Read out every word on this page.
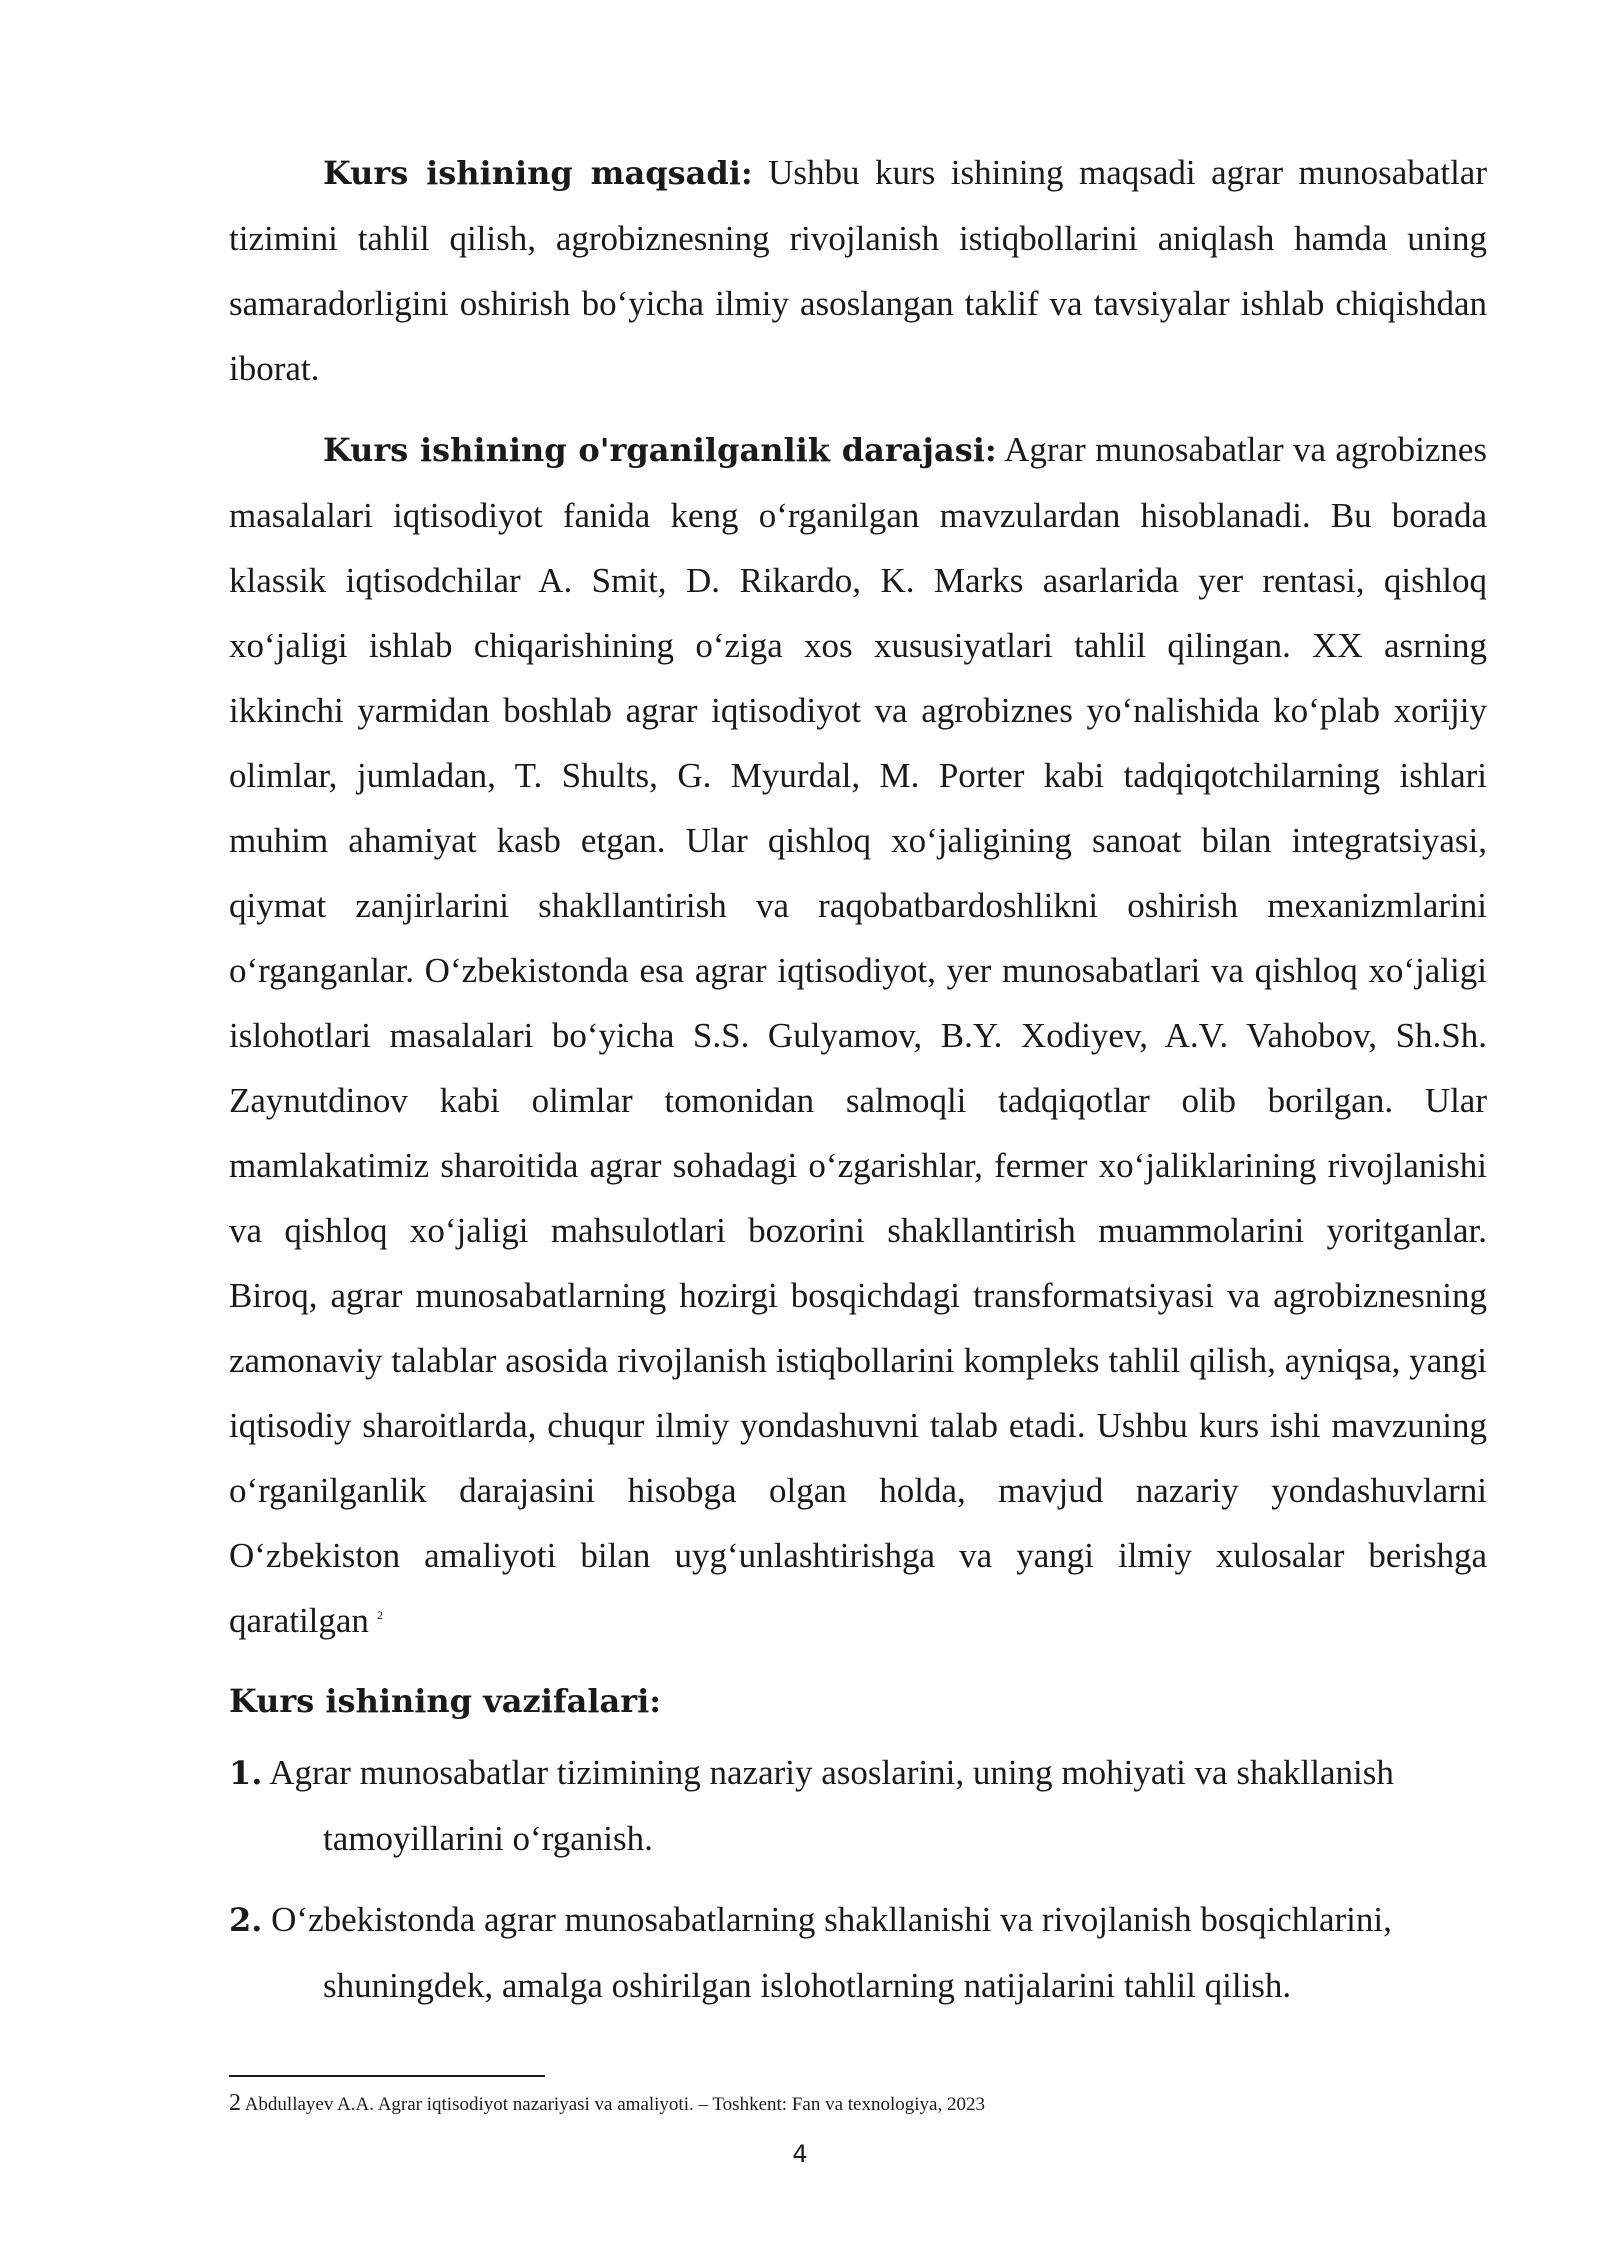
Kurs ishining maqsadi: Ushbu kurs ishining maqsadi agrar munosabatlar tizimini tahlil qilish, agrobiznesning rivojlanish istiqbollarini aniqlash hamda uning samaradorligini oshirish bo‘yicha ilmiy asoslangan taklif va tavsiyalar ishlab chiqishdan iborat.

Kurs ishining o'rganilganlik darajasi: Agrar munosabatlar va agrobiznes masalalari iqtisodiyot fanida keng o‘rganilgan mavzulardan hisoblanadi. Bu borada klassik iqtisodchilar A. Smit, D. Rikardo, K. Marks asarlarida yer rentasi, qishloq xo‘jaligi ishlab chiqarishining o‘ziga xos xususiyatlari tahlil qilingan. XX asrning ikkinchi yarmidan boshlab agrar iqtisodiyot va agrobiznes yo‘nalishida ko‘plab xorijiy olimlar, jumladan, T. Shults, G. Myurdal, M. Porter kabi tadqiqotchilarning ishlari muhim ahamiyat kasb etgan. Ular qishloq xo‘jaligining sanoat bilan integratsiyasi, qiymat zanjirlarini shakllantirish va raqobatbardoshlikni oshirish mexanizmlarini o‘rganganlar. O‘zbekistonda esa agrar iqtisodiyot, yer munosabatlari va qishloq xo‘jaligi islohotlari masalalari bo‘yicha S.S. Gulyamov, B.Y. Xodiyev, A.V. Vahobov, Sh.Sh. Zaynutdinov kabi olimlar tomonidan salmoqli tadqiqotlar olib borilgan. Ular mamlakatimiz sharoitida agrar sohadagi o‘zgarishlar, fermer xo‘jaliklarining rivojlanishi va qishloq xo‘jaligi mahsulotlari bozorini shakllantirish muammolarini yoritganlar. Biroq, agrar munosabatlarning hozirgi bosqichdagi transformatsiyasi va agrobiznesning zamonaviy talablar asosida rivojlanish istiqbollarini kompleks tahlil qilish, ayniqsa, yangi iqtisodiy sharoitlarda, chuqur ilmiy yondashuvni talab etadi. Ushbu kurs ishi mavzuning o‘rganilganlik darajasini hisobga olgan holda, mavjud nazariy yondashuvlarni O‘zbekiston amaliyoti bilan uyg‘unlashtirishga va yangi ilmiy xulosalar berishga qaratilgan $^2$

Kurs ishining vazifalari:
1. Agrar munosabatlar tizimining nazariy asoslarini, uning mohiyati va shakllanish tamoyillarini o‘rganish.
2. O‘zbekistonda agrar munosabatlarning shakllanishi va rivojlanish bosqichlarini, shuningdek, amalga oshirilgan islohotlarning natijalarini tahlil qilish.
2 Abdullayev A.A. Agrar iqtisodiyot nazariyasi va amaliyoti. – Toshkent: Fan va texnologiya, 2023
4
